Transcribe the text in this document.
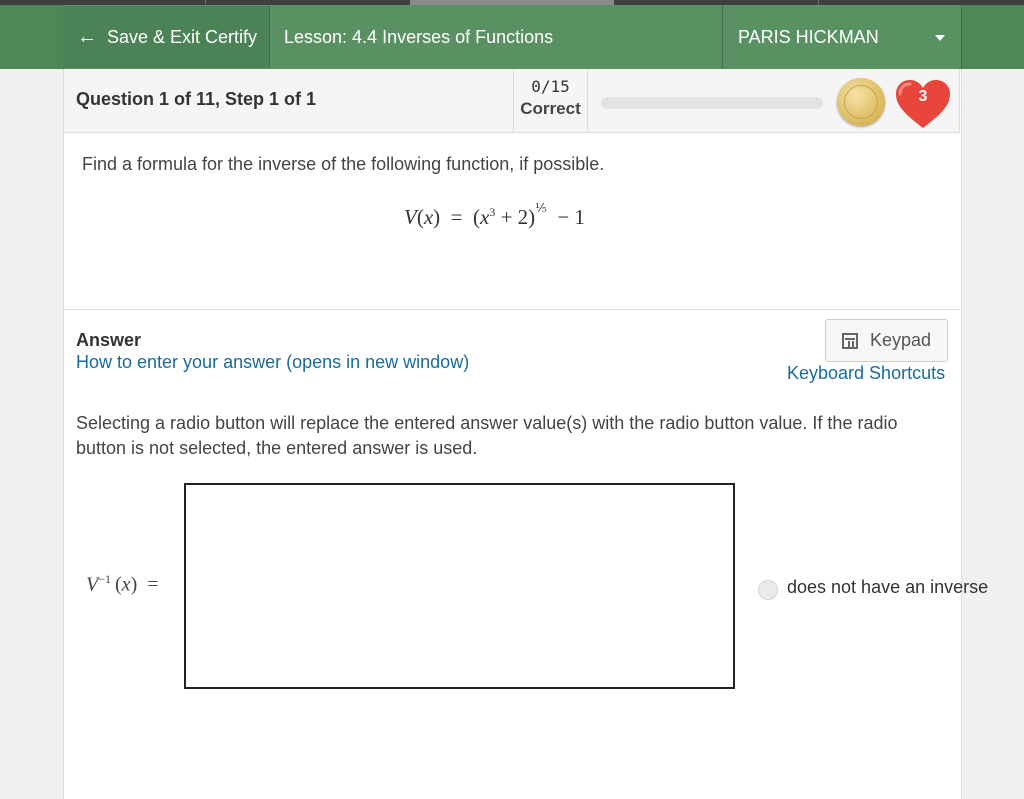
← Save & Exit Certify Lesson: 4.4 Inverses of Functions	PARIS HICKMAN
Question 1 of 11, Step 1 of 1
0/15
Correct
3
Find a formula for the inverse of the following function, if possible.
$V(x) = (x^3 + 2)^{\frac{1}{5}} - 1$
Answer
How to enter your answer (opens in new window)
Keypad
Keyboard Shortcuts
Selecting a radio button will replace the entered answer value(s) with the radio button value. If the radio button is not selected, the entered answer is used.
$V^{-1}$ (x)  =	does not have an inverse
